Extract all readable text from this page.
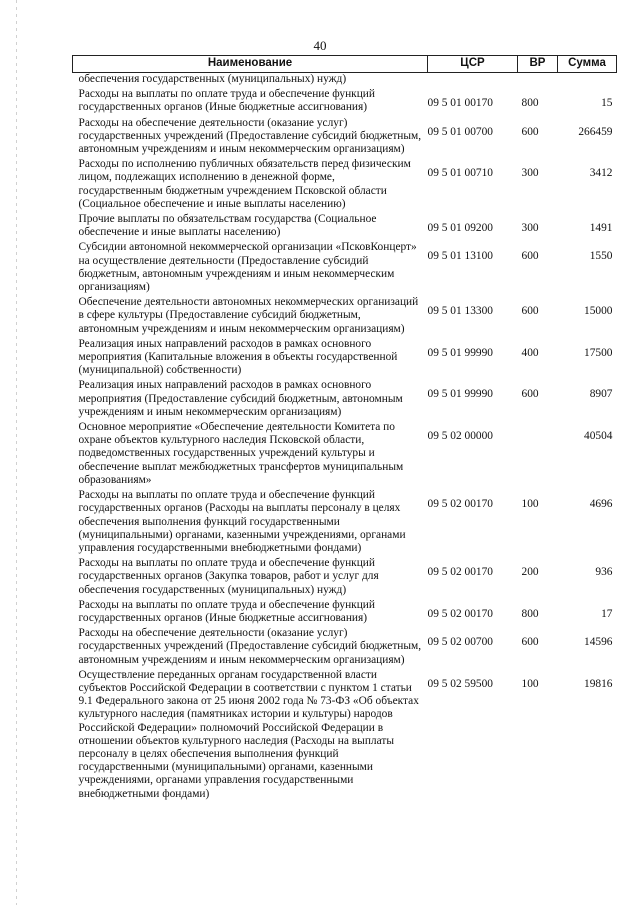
40
Наименование	ЦСР	ВР	Сумма
обеспечения государственных (муниципальных) нужд)			
Расходы на выплаты по оплате труда и обеспечение функций государственных органов (Иные бюджетные ассигнования)	09 5 01 00170	800	15
Расходы на обеспечение деятельности (оказание услуг) государственных учреждений (Предоставление субсидий бюджетным, автономным учреждениям и иным некоммерческим организациям)	09 5 01 00700	600	266459
Расходы по исполнению публичных обязательств перед физическим лицом, подлежащих исполнению в денежной форме, государственным бюджетным учреждением Псковской области (Социальное обеспечение и иные выплаты населению)	09 5 01 00710	300	3412
Прочие выплаты по обязательствам государства (Социальное обеспечение и иные выплаты населению)	09 5 01 09200	300	1491
Субсидии автономной некоммерческой организации «ПсковКонцерт» на осуществление деятельности (Предоставление субсидий бюджетным, автономным учреждениям и иным некоммерческим организациям)	09 5 01 13100	600	1550
Обеспечение деятельности автономных некоммерческих организаций в сфере культуры (Предоставление субсидий бюджетным, автономным учреждениям и иным некоммерческим организациям)	09 5 01 13300	600	15000
Реализация иных направлений расходов в рамках основного мероприятия (Капитальные вложения в объекты государственной (муниципальной) собственности)	09 5 01 99990	400	17500
Реализация иных направлений расходов в рамках основного мероприятия (Предоставление субсидий бюджетным, автономным учреждениям и иным некоммерческим организациям)	09 5 01 99990	600	8907
Основное мероприятие «Обеспечение деятельности Комитета по охране объектов культурного наследия Псковской области, подведомственных государственных учреждений культуры и обеспечение выплат межбюджетных трансфертов муниципальным образованиям»	09 5 02 00000		40504
Расходы на выплаты по оплате труда и обеспечение функций государственных органов (Расходы на выплаты персоналу в целях обеспечения выполнения функций государственными (муниципальными) органами, казенными учреждениями, органами управления государственными внебюджетными фондами)	09 5 02 00170	100	4696
Расходы на выплаты по оплате труда и обеспечение функций государственных органов (Закупка товаров, работ и услуг для обеспечения государственных (муниципальных) нужд)	09 5 02 00170	200	936
Расходы на выплаты по оплате труда и обеспечение функций государственных органов (Иные бюджетные ассигнования)	09 5 02 00170	800	17
Расходы на обеспечение деятельности (оказание услуг) государственных учреждений (Предоставление субсидий бюджетным, автономным учреждениям и иным некоммерческим организациям)	09 5 02 00700	600	14596
Осуществление переданных органам государственной власти субъектов Российской Федерации в соответствии с пунктом 1 статьи 9.1 Федерального закона от 25 июня 2002 года № 73-ФЗ «Об объектах культурного наследия (памятниках истории и культуры) народов Российской Федерации» полномочий Российской Федерации в отношении объектов культурного наследия (Расходы на выплаты персоналу в целях обеспечения выполнения функций государственными (муниципальными) органами, казенными учреждениями, органами управления государственными внебюджетными фондами)	09 5 02 59500	100	19816
